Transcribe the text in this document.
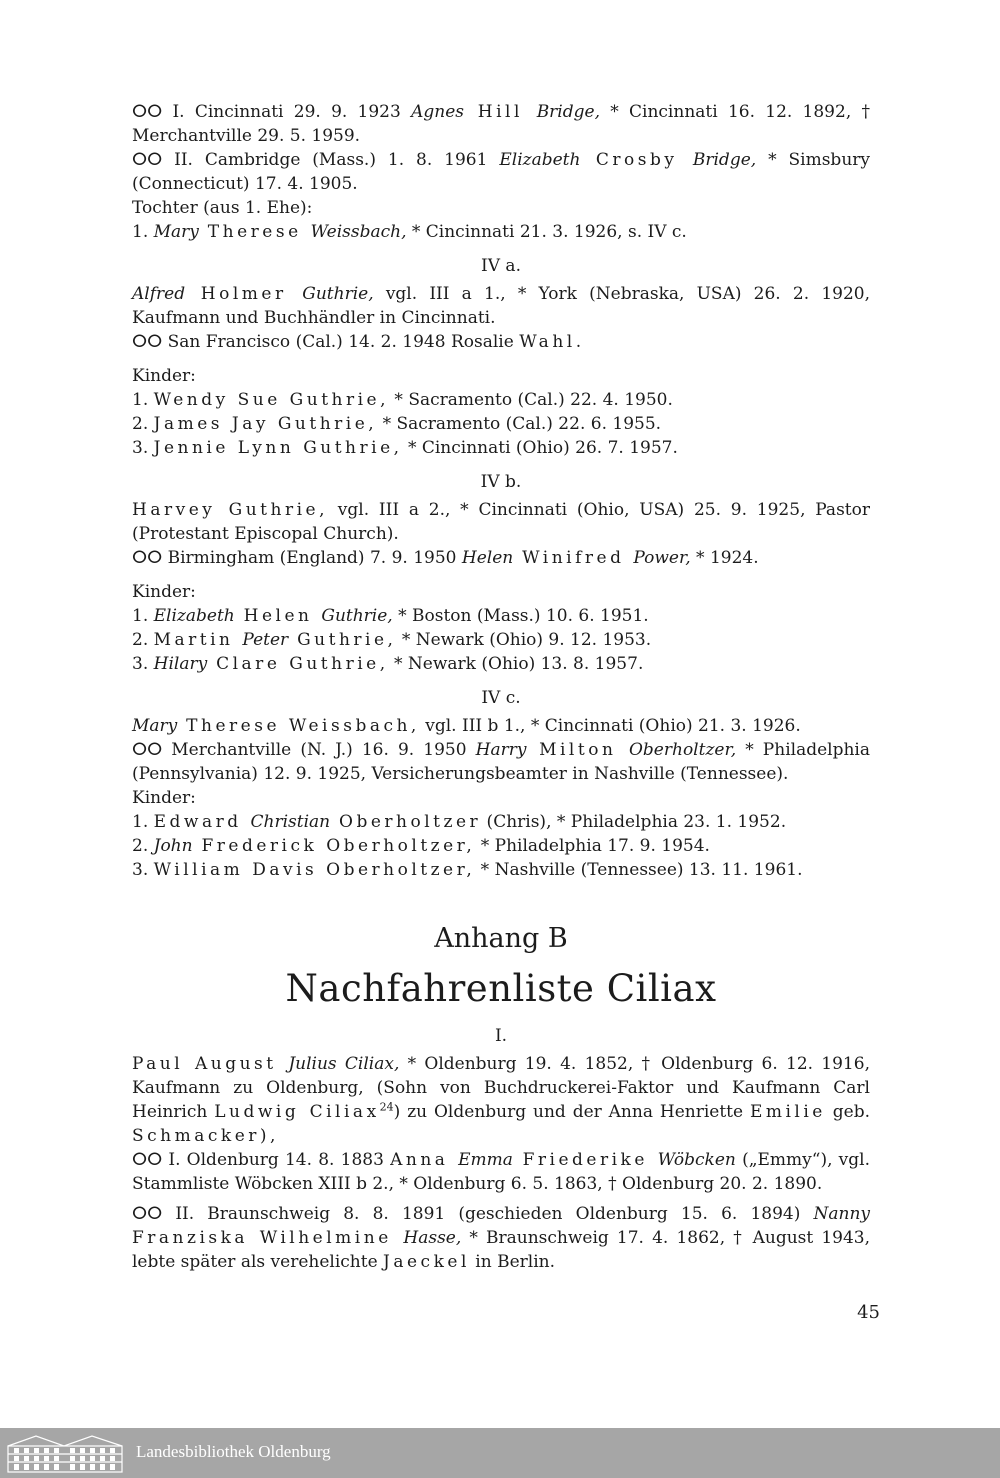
ⵔⵔ I. Cincinnati 29. 9. 1923 Agnes Hill Bridge, * Cincinnati 16. 12. 1892, † Merchantville 29. 5. 1959.

ⵔⵔ II. Cambridge (Mass.) 1. 8. 1961 Elizabeth Crosby Bridge, * Simsbury (Connecticut) 17. 4. 1905.

Tochter (aus 1. Ehe):

1. Mary Therese Weissbach, * Cincinnati 21. 3. 1926, s. IV c.

IV a.

Alfred Holmer Guthrie, vgl. III a 1., * York (Nebraska, USA) 26. 2. 1920, Kaufmann und Buchhändler in Cincinnati.

ⵔⵔ San Francisco (Cal.) 14. 2. 1948 Rosalie Wahl.

Kinder:

1. Wendy Sue Guthrie, * Sacramento (Cal.) 22. 4. 1950.

2. James Jay Guthrie, * Sacramento (Cal.) 22. 6. 1955.

3. Jennie Lynn Guthrie, * Cincinnati (Ohio) 26. 7. 1957.

IV b.

Harvey Guthrie, vgl. III a 2., * Cincinnati (Ohio, USA) 25. 9. 1925, Pastor (Protestant Episcopal Church).

ⵔⵔ Birmingham (England) 7. 9. 1950 Helen Winifred Power, * 1924.

Kinder:

1. Elizabeth Helen Guthrie, * Boston (Mass.) 10. 6. 1951.

2. Martin Peter Guthrie, * Newark (Ohio) 9. 12. 1953.

3. Hilary Clare Guthrie, * Newark (Ohio) 13. 8. 1957.

IV c.

Mary Therese Weissbach, vgl. III b 1., * Cincinnati (Ohio) 21. 3. 1926.

ⵔⵔ Merchantville (N. J.) 16. 9. 1950 Harry Milton Oberholtzer, * Philadelphia (Pennsylvania) 12. 9. 1925, Versicherungsbeamter in Nashville (Tennessee).

Kinder:

1. Edward Christian Oberholtzer (Chris), * Philadelphia 23. 1. 1952.

2. John Frederick Oberholtzer, * Philadelphia 17. 9. 1954.

3. William Davis Oberholtzer, * Nashville (Tennessee) 13. 11. 1961.

Anhang B
Nachfahrenliste Ciliax
I.

Paul August Julius Ciliax, * Oldenburg 19. 4. 1852, † Oldenburg 6. 12. 1916, Kaufmann zu Oldenburg, (Sohn von Buchdruckerei-Faktor und Kaufmann Carl Heinrich Ludwig Ciliax$^{24}$) zu Oldenburg und der Anna Henriette Emilie geb. Schmacker),

ⵔⵔ I. Oldenburg 14. 8. 1883 Anna Emma Friederike Wöbcken („Emmy“), vgl. Stammliste Wöbcken XIII b 2., * Oldenburg 6. 5. 1863, † Oldenburg 20. 2. 1890.

ⵔⵔ II. Braunschweig 8. 8. 1891 (geschieden Oldenburg 15. 6. 1894) Nanny Franziska Wilhelmine Hasse, * Braunschweig 17. 4. 1862, † August 1943, lebte später als verehelichte Jaeckel in Berlin.

45
Landesbibliothek Oldenburg
